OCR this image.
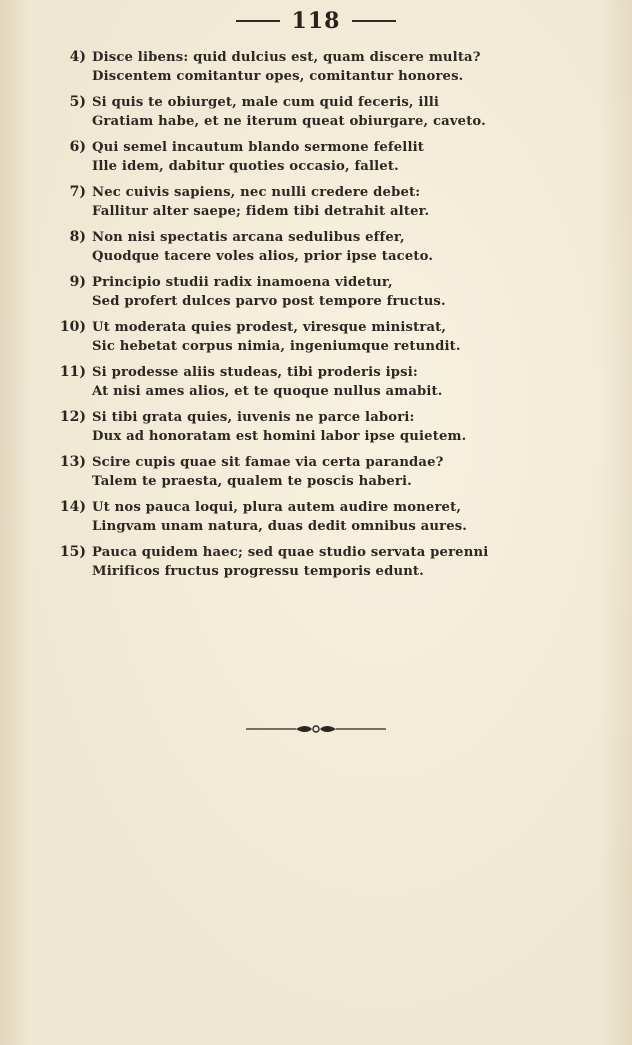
118
4) Disce libens: quid dulcius est, quam discere multa?
Discentem comitantur opes, comitantur honores.
5) Si quis te obiurget, male cum quid feceris, illi
Gratiam habe, et ne iterum queat obiurgare, caveto.
6) Qui semel incautum blando sermone fefellit
Ille idem, dabitur quoties occasio, fallet.
7) Nec cuivis sapiens, nec nulli credere debet:
Fallitur alter saepe; fidem tibi detrahit alter.
8) Non nisi spectatis arcana sedulibus effer,
Quodque tacere voles alios, prior ipse taceto.
9) Principio studii radix inamoena videtur,
Sed profert dulces parvo post tempore fructus.
10) Ut moderata quies prodest, viresque ministrat,
Sic hebetat corpus nimia, ingeniumque retundit.
11) Si prodesse aliis studeas, tibi proderis ipsi:
At nisi ames alios, et te quoque nullus amabit.
12) Si tibi grata quies, iuvenis ne parce labori:
Dux ad honoratam est homini labor ipse quietem.
13) Scire cupis quae sit famae via certa parandae?
Talem te praesta, qualem te poscis haberi.
14) Ut nos pauca loqui, plura autem audire moneret,
Lingvam unam natura, duas dedit omnibus aures.
15) Pauca quidem haec; sed quae studio servata perenni
Mirificos fructus progressu temporis edunt.
